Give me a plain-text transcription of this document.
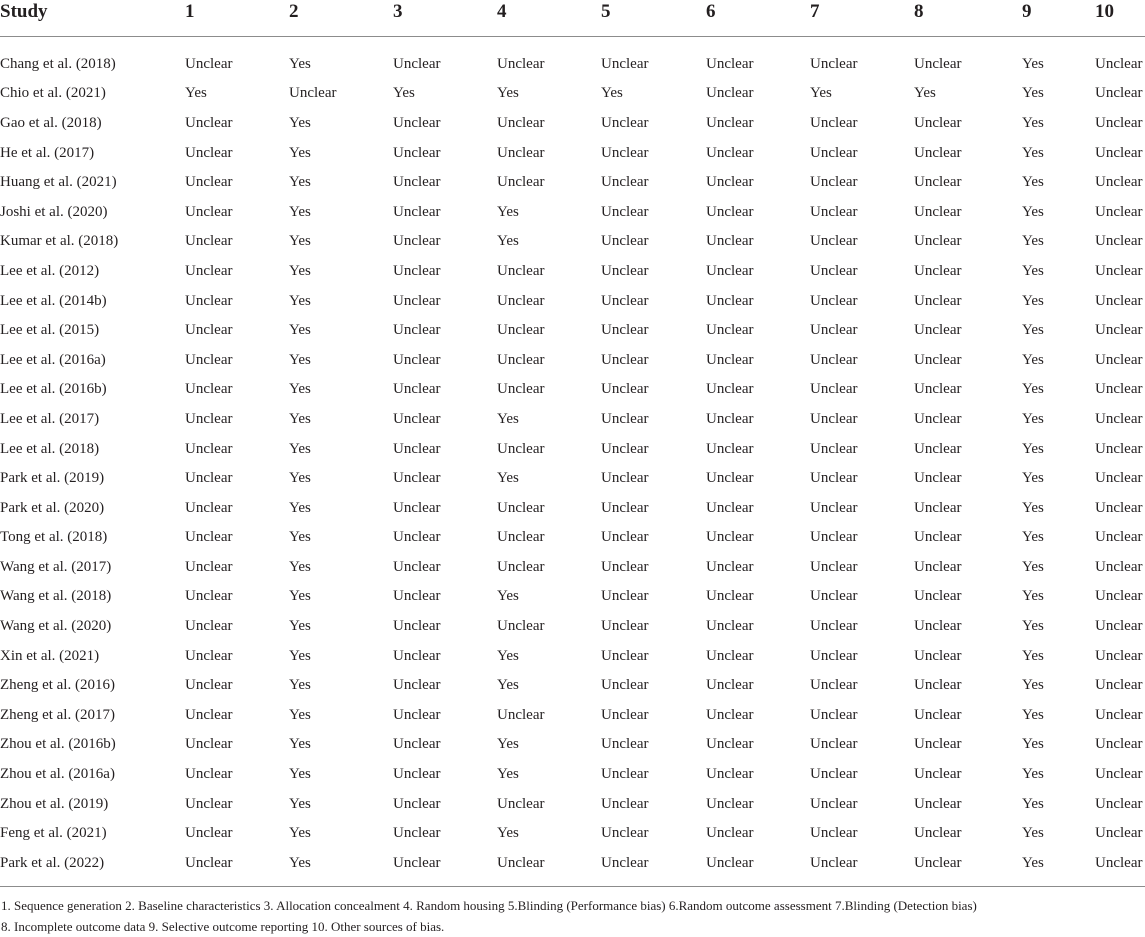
Study	1	2	3	4	5	6	7	8	9	10
Chang et al. (2018)	Unclear	Yes	Unclear	Unclear	Unclear	Unclear	Unclear	Unclear	Yes	Unclear
Chio et al. (2021)	Yes	Unclear	Yes	Yes	Yes	Unclear	Yes	Yes	Yes	Unclear
Gao et al. (2018)	Unclear	Yes	Unclear	Unclear	Unclear	Unclear	Unclear	Unclear	Yes	Unclear
He et al. (2017)	Unclear	Yes	Unclear	Unclear	Unclear	Unclear	Unclear	Unclear	Yes	Unclear
Huang et al. (2021)	Unclear	Yes	Unclear	Unclear	Unclear	Unclear	Unclear	Unclear	Yes	Unclear
Joshi et al. (2020)	Unclear	Yes	Unclear	Yes	Unclear	Unclear	Unclear	Unclear	Yes	Unclear
Kumar et al. (2018)	Unclear	Yes	Unclear	Yes	Unclear	Unclear	Unclear	Unclear	Yes	Unclear
Lee et al. (2012)	Unclear	Yes	Unclear	Unclear	Unclear	Unclear	Unclear	Unclear	Yes	Unclear
Lee et al. (2014b)	Unclear	Yes	Unclear	Unclear	Unclear	Unclear	Unclear	Unclear	Yes	Unclear
Lee et al. (2015)	Unclear	Yes	Unclear	Unclear	Unclear	Unclear	Unclear	Unclear	Yes	Unclear
Lee et al. (2016a)	Unclear	Yes	Unclear	Unclear	Unclear	Unclear	Unclear	Unclear	Yes	Unclear
Lee et al. (2016b)	Unclear	Yes	Unclear	Unclear	Unclear	Unclear	Unclear	Unclear	Yes	Unclear
Lee et al. (2017)	Unclear	Yes	Unclear	Yes	Unclear	Unclear	Unclear	Unclear	Yes	Unclear
Lee et al. (2018)	Unclear	Yes	Unclear	Unclear	Unclear	Unclear	Unclear	Unclear	Yes	Unclear
Park et al. (2019)	Unclear	Yes	Unclear	Yes	Unclear	Unclear	Unclear	Unclear	Yes	Unclear
Park et al. (2020)	Unclear	Yes	Unclear	Unclear	Unclear	Unclear	Unclear	Unclear	Yes	Unclear
Tong et al. (2018)	Unclear	Yes	Unclear	Unclear	Unclear	Unclear	Unclear	Unclear	Yes	Unclear
Wang et al. (2017)	Unclear	Yes	Unclear	Unclear	Unclear	Unclear	Unclear	Unclear	Yes	Unclear
Wang et al. (2018)	Unclear	Yes	Unclear	Yes	Unclear	Unclear	Unclear	Unclear	Yes	Unclear
Wang et al. (2020)	Unclear	Yes	Unclear	Unclear	Unclear	Unclear	Unclear	Unclear	Yes	Unclear
Xin et al. (2021)	Unclear	Yes	Unclear	Yes	Unclear	Unclear	Unclear	Unclear	Yes	Unclear
Zheng et al. (2016)	Unclear	Yes	Unclear	Yes	Unclear	Unclear	Unclear	Unclear	Yes	Unclear
Zheng et al. (2017)	Unclear	Yes	Unclear	Unclear	Unclear	Unclear	Unclear	Unclear	Yes	Unclear
Zhou et al. (2016b)	Unclear	Yes	Unclear	Yes	Unclear	Unclear	Unclear	Unclear	Yes	Unclear
Zhou et al. (2016a)	Unclear	Yes	Unclear	Yes	Unclear	Unclear	Unclear	Unclear	Yes	Unclear
Zhou et al. (2019)	Unclear	Yes	Unclear	Unclear	Unclear	Unclear	Unclear	Unclear	Yes	Unclear
Feng et al. (2021)	Unclear	Yes	Unclear	Yes	Unclear	Unclear	Unclear	Unclear	Yes	Unclear
Park et al. (2022)	Unclear	Yes	Unclear	Unclear	Unclear	Unclear	Unclear	Unclear	Yes	Unclear
1. Sequence generation 2. Baseline characteristics 3. Allocation concealment 4. Random housing 5.Blinding (Performance bias) 6.Random outcome assessment 7.Blinding (Detection bias)
8. Incomplete outcome data 9. Selective outcome reporting 10. Other sources of bias.
